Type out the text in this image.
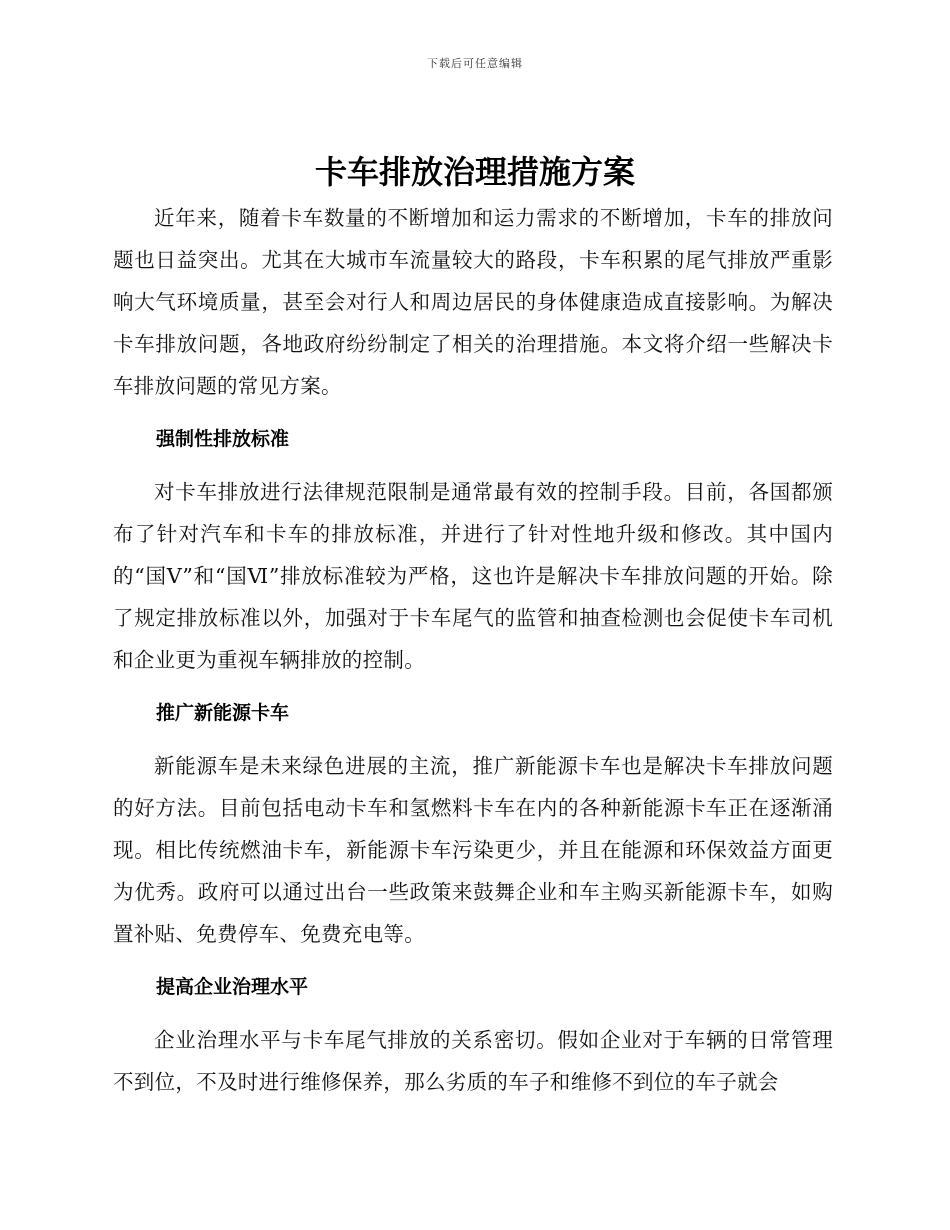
下载后可任意编辑
卡车排放治理措施方案

近年来，随着卡车数量的不断增加和运力需求的不断增加，卡车的排放问题也日益突出。尤其在大城市车流量较大的路段，卡车积累的尾气排放严重影响大气环境质量，甚至会对行人和周边居民的身体健康造成直接影响。为解决卡车排放问题，各地政府纷纷制定了相关的治理措施。本文将介绍一些解决卡车排放问题的常见方案。

强制性排放标准

对卡车排放进行法律规范限制是通常最有效的控制手段。目前，各国都颁布了针对汽车和卡车的排放标准，并进行了针对性地升级和修改。其中国内的“国Ⅴ”和“国Ⅵ”排放标准较为严格，这也许是解决卡车排放问题的开始。除了规定排放标准以外，加强对于卡车尾气的监管和抽查检测也会促使卡车司机和企业更为重视车辆排放的控制。

推广新能源卡车

新能源车是未来绿色进展的主流，推广新能源卡车也是解决卡车排放问题的好方法。目前包括电动卡车和氢燃料卡车在内的各种新能源卡车正在逐渐涌现。相比传统燃油卡车，新能源卡车污染更少，并且在能源和环保效益方面更为优秀。政府可以通过出台一些政策来鼓舞企业和车主购买新能源卡车，如购置补贴、免费停车、免费充电等。

提高企业治理水平

企业治理水平与卡车尾气排放的关系密切。假如企业对于车辆的日常管理不到位，不及时进行维修保养，那么劣质的车子和维修不到位的车子就会
